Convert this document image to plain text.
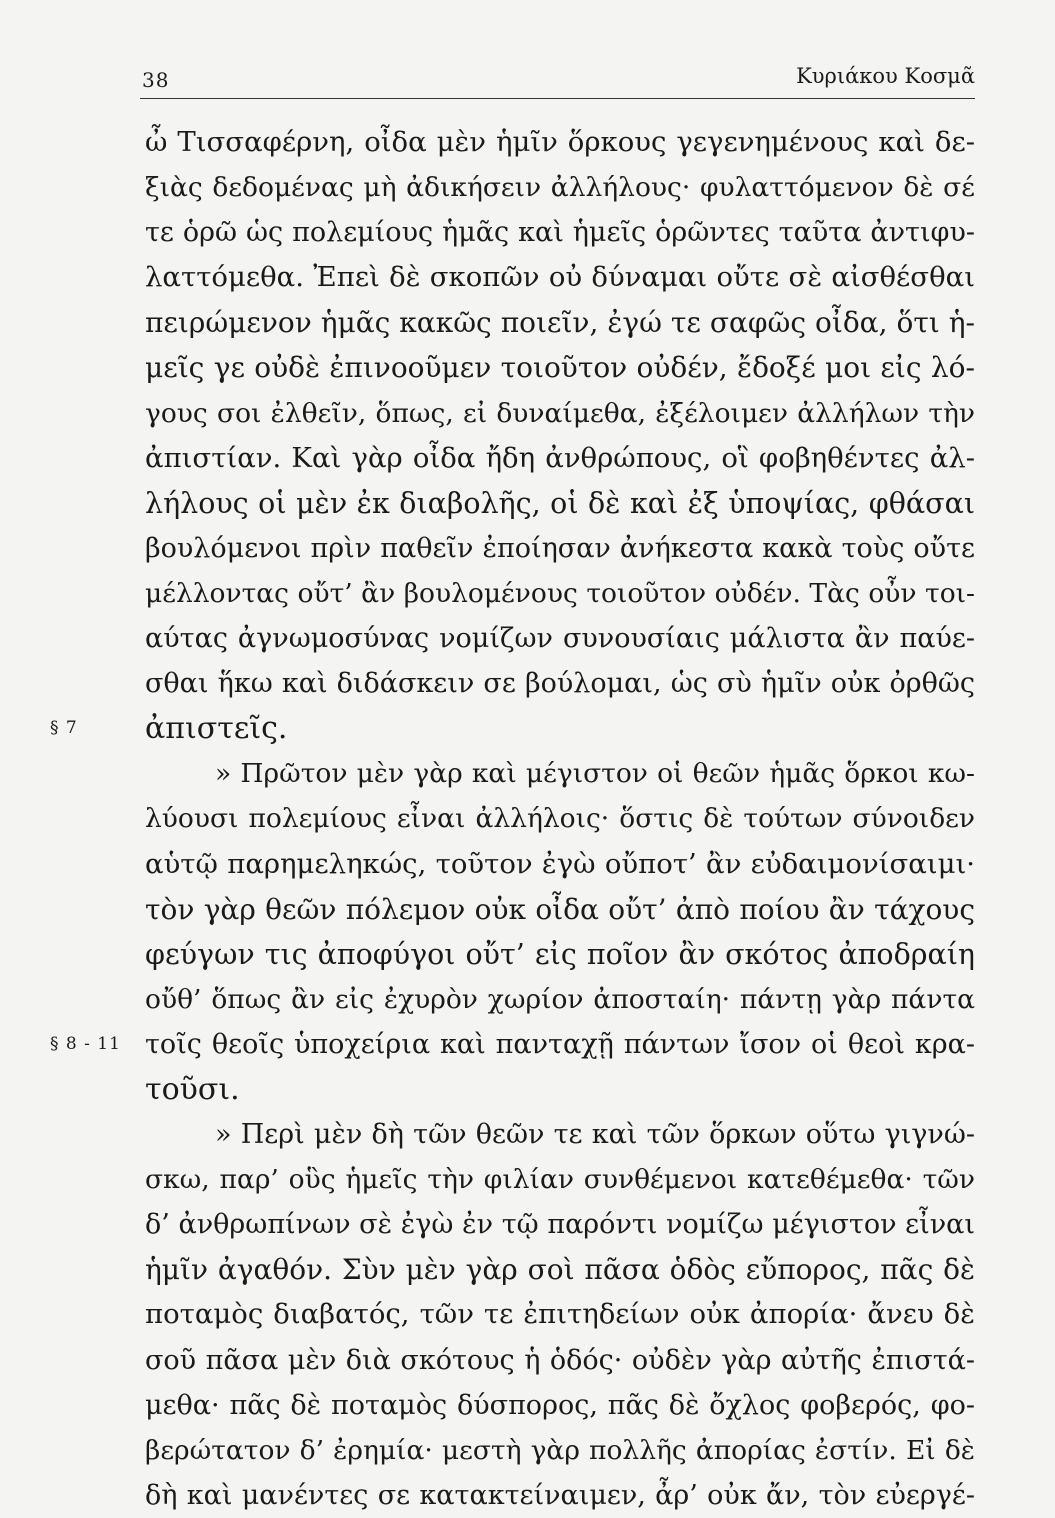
38	Κυριάκου Κοσμᾶ
ὦ Τισσαφέρνη, οἶδα μὲν ἡμῖν ὅρκους γεγενημένους καὶ δε-
ξιὰς δεδομένας μὴ ἀδικήσειν ἀλλήλους· φυλαττόμενον δὲ σέ
τε ὁρῶ ὡς πολεμίους ἡμᾶς καὶ ἡμεῖς ὁρῶντες ταῦτα ἀντιφυ-
λαττόμεθα. Ἐπεὶ δὲ σκοπῶν οὐ δύναμαι οὔτε σὲ αἰσθέσθαι
πειρώμενον ἡμᾶς κακῶς ποιεῖν, ἐγώ τε σαφῶς οἶδα, ὅτι ἡ-
μεῖς γε οὐδὲ ἐπινοοῦμεν τοιοῦτον οὐδέν, ἔδοξέ μοι εἰς λό-
γους σοι ἐλθεῖν, ὅπως, εἰ δυναίμεθα, ἐξέλοιμεν ἀλλήλων τὴν
ἀπιστίαν. Καὶ γὰρ οἶδα ἤδη ἀνθρώπους, οἳ φοβηθέντες ἀλ-
λήλους οἱ μὲν ἐκ διαβολῆς, οἱ δὲ καὶ ἐξ ὑποψίας, φθάσαι
βουλόμενοι πρὶν παθεῖν ἐποίησαν ἀνήκεστα κακὰ τοὺς οὔτε
μέλλοντας οὔτ’ ἂν βουλομένους τοιοῦτον οὐδέν. Τὰς οὖν τοι-
αύτας ἀγνωμοσύνας νομίζων συνουσίαις μάλιστα ἂν παύε-
σθαι ἥκω καὶ διδάσκειν σε βούλομαι, ὡς σὺ ἡμῖν οὐκ ὀρθῶς
ἀπιστεῖς.
» Πρῶτον μὲν γὰρ καὶ μέγιστον οἱ θεῶν ἡμᾶς ὅρκοι κω-
λύουσι πολεμίους εἶναι ἀλλήλοις· ὅστις δὲ τούτων σύνοιδεν
αὑτῷ παρημεληκώς, τοῦτον ἐγὼ οὔποτ’ ἂν εὐδαιμονίσαιμι·
τὸν γὰρ θεῶν πόλεμον οὐκ οἶδα οὔτ’ ἀπὸ ποίου ἂν τάχους
φεύγων τις ἀποφύγοι οὔτ’ εἰς ποῖον ἂν σκότος ἀποδραίη
οὔθ’ ὅπως ἂν εἰς ἐχυρὸν χωρίον ἀποσταίη· πάντῃ γὰρ πάντα
τοῖς θεοῖς ὑποχείρια καὶ πανταχῇ πάντων ἴσον οἱ θεοὶ κρα-
τοῦσι.
» Περὶ μὲν δὴ τῶν θεῶν τε καὶ τῶν ὅρκων οὕτω γιγνώ-
σκω, παρ’ οὓς ἡμεῖς τὴν φιλίαν συνθέμενοι κατεθέμεθα· τῶν
δ’ ἀνθρωπίνων σὲ ἐγὼ ἐν τῷ παρόντι νομίζω μέγιστον εἶναι
ἡμῖν ἀγαθόν. Σὺν μὲν γὰρ σοὶ πᾶσα ὁδὸς εὔπορος, πᾶς δὲ
ποταμὸς διαβατός, τῶν τε ἐπιτηδείων οὐκ ἀπορία· ἄνευ δὲ
σοῦ πᾶσα μὲν διὰ σκότους ἡ ὁδός· οὐδὲν γὰρ αὐτῆς ἐπιστά-
μεθα· πᾶς δὲ ποταμὸς δύσπορος, πᾶς δὲ ὄχλος φοβερός, φο-
βερώτατον δ’ ἐρημία· μεστὴ γὰρ πολλῆς ἀπορίας ἐστίν. Εἰ δὲ
δὴ καὶ μανέντες σε κατακτείναιμεν, ἆρ’ οὐκ ἄν, τὸν εὐεργέ-
§ 7
§ 8 - 11
